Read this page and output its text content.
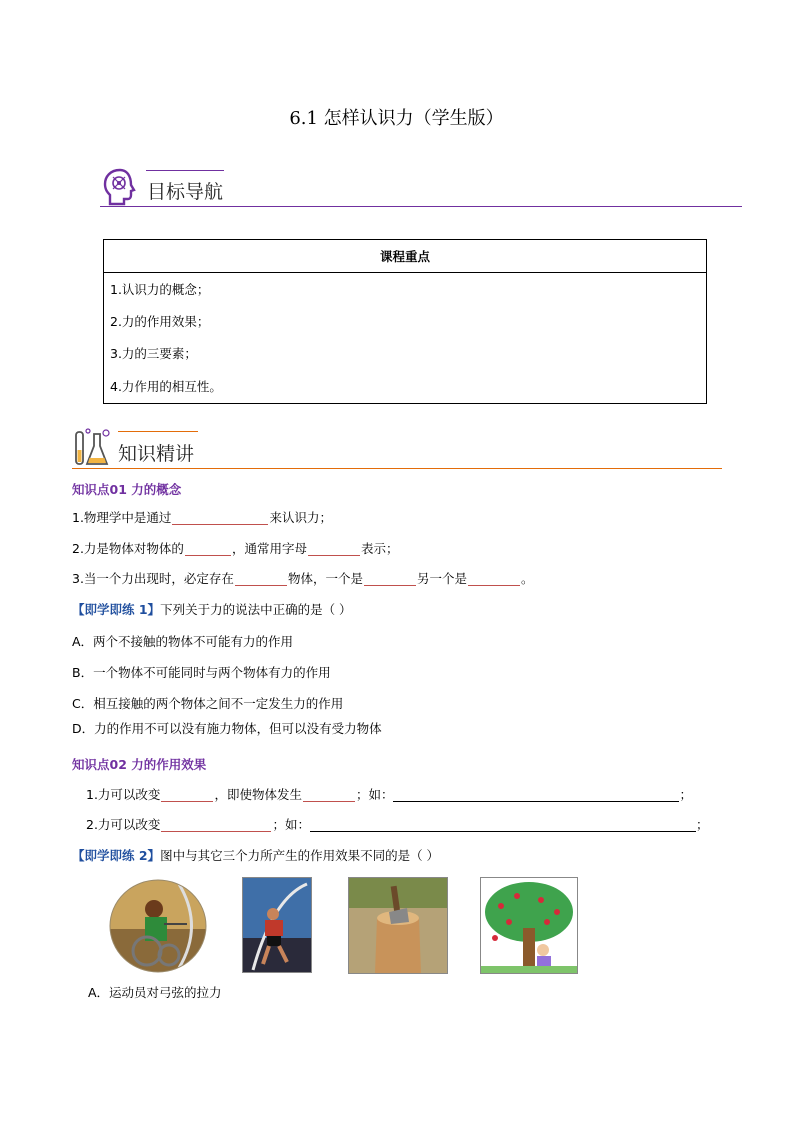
6.1 怎样认识力（学生版）
目标导航
课程重点
1.认识力的概念；
2.力的作用效果；
3.力的三要素；
4.力作用的相互性。
知识精讲
知识点01 力的概念
1.物理学中是通过	来认识力；
2.力是物体对物体的	，通常用字母	表示；
3.当一个力出现时，必定存在	物体，一个是	另一个是	。
【即学即练 1】下列关于力的说法中正确的是（ ）
A．两个不接触的物体不可能有力的作用
B．一个物体不可能同时与两个物体有力的作用
C．相互接触的两个物体之间不一定发生力的作用
D．力的作用不可以没有施力物体，但可以没有受力物体
知识点02 力的作用效果
1.力可以改变	，即使物体发生	；如：	；
2.力可以改变	；如：	；
【即学即练 2】图中与其它三个力所产生的作用效果不同的是（ ）
A．运动员对弓弦的拉力
